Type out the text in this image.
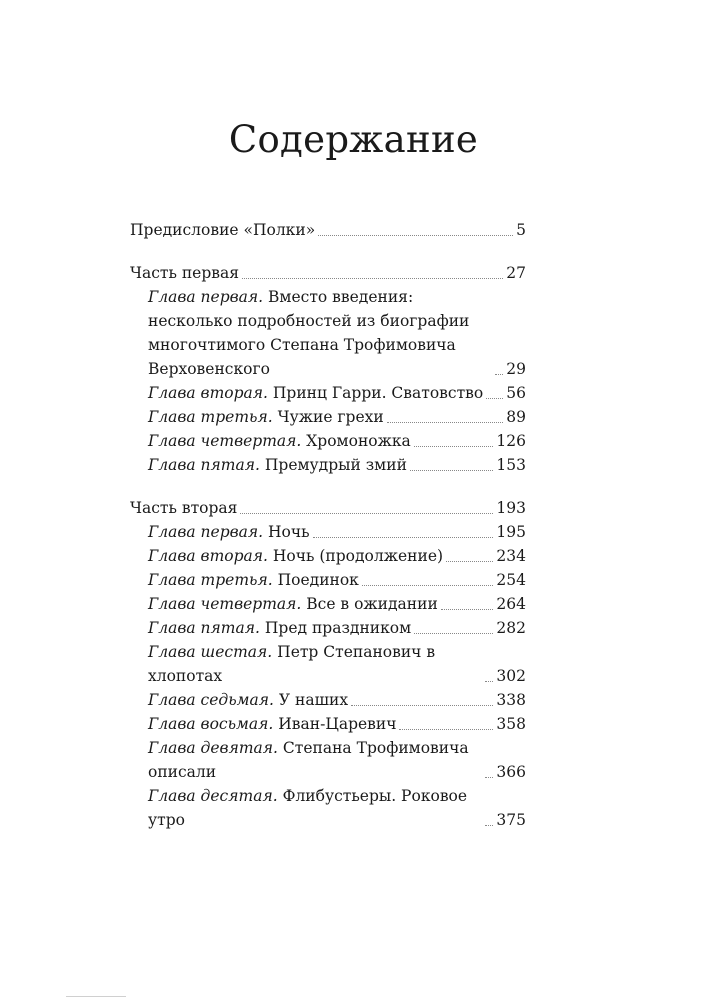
Содержание
Предисловие «Полки»	5
Часть первая	27
Глава первая. Вместо введения: несколько подробностей из биографии многочтимого Степана Трофимовича Верховенского	29
Глава вторая. Принц Гарри. Сватовство 56
Глава третья. Чужие грехи	89
Глава четвертая. Хромоножка	126
Глава пятая. Премудрый змий	153
Часть вторая	193
Глава первая. Ночь	195
Глава вторая. Ночь (продолжение)	234
Глава третья. Поединок	254
Глава четвертая. Все в ожидании	264
Глава пятая. Пред праздником	282
Глава шестая. Петр Степанович в хлопотах	302
Глава седьмая. У наших	338
Глава восьмая. Иван-Царевич	358
Глава девятая. Степана Трофимовича описали	366
Глава десятая. Флибустьеры. Роковое утро	375
